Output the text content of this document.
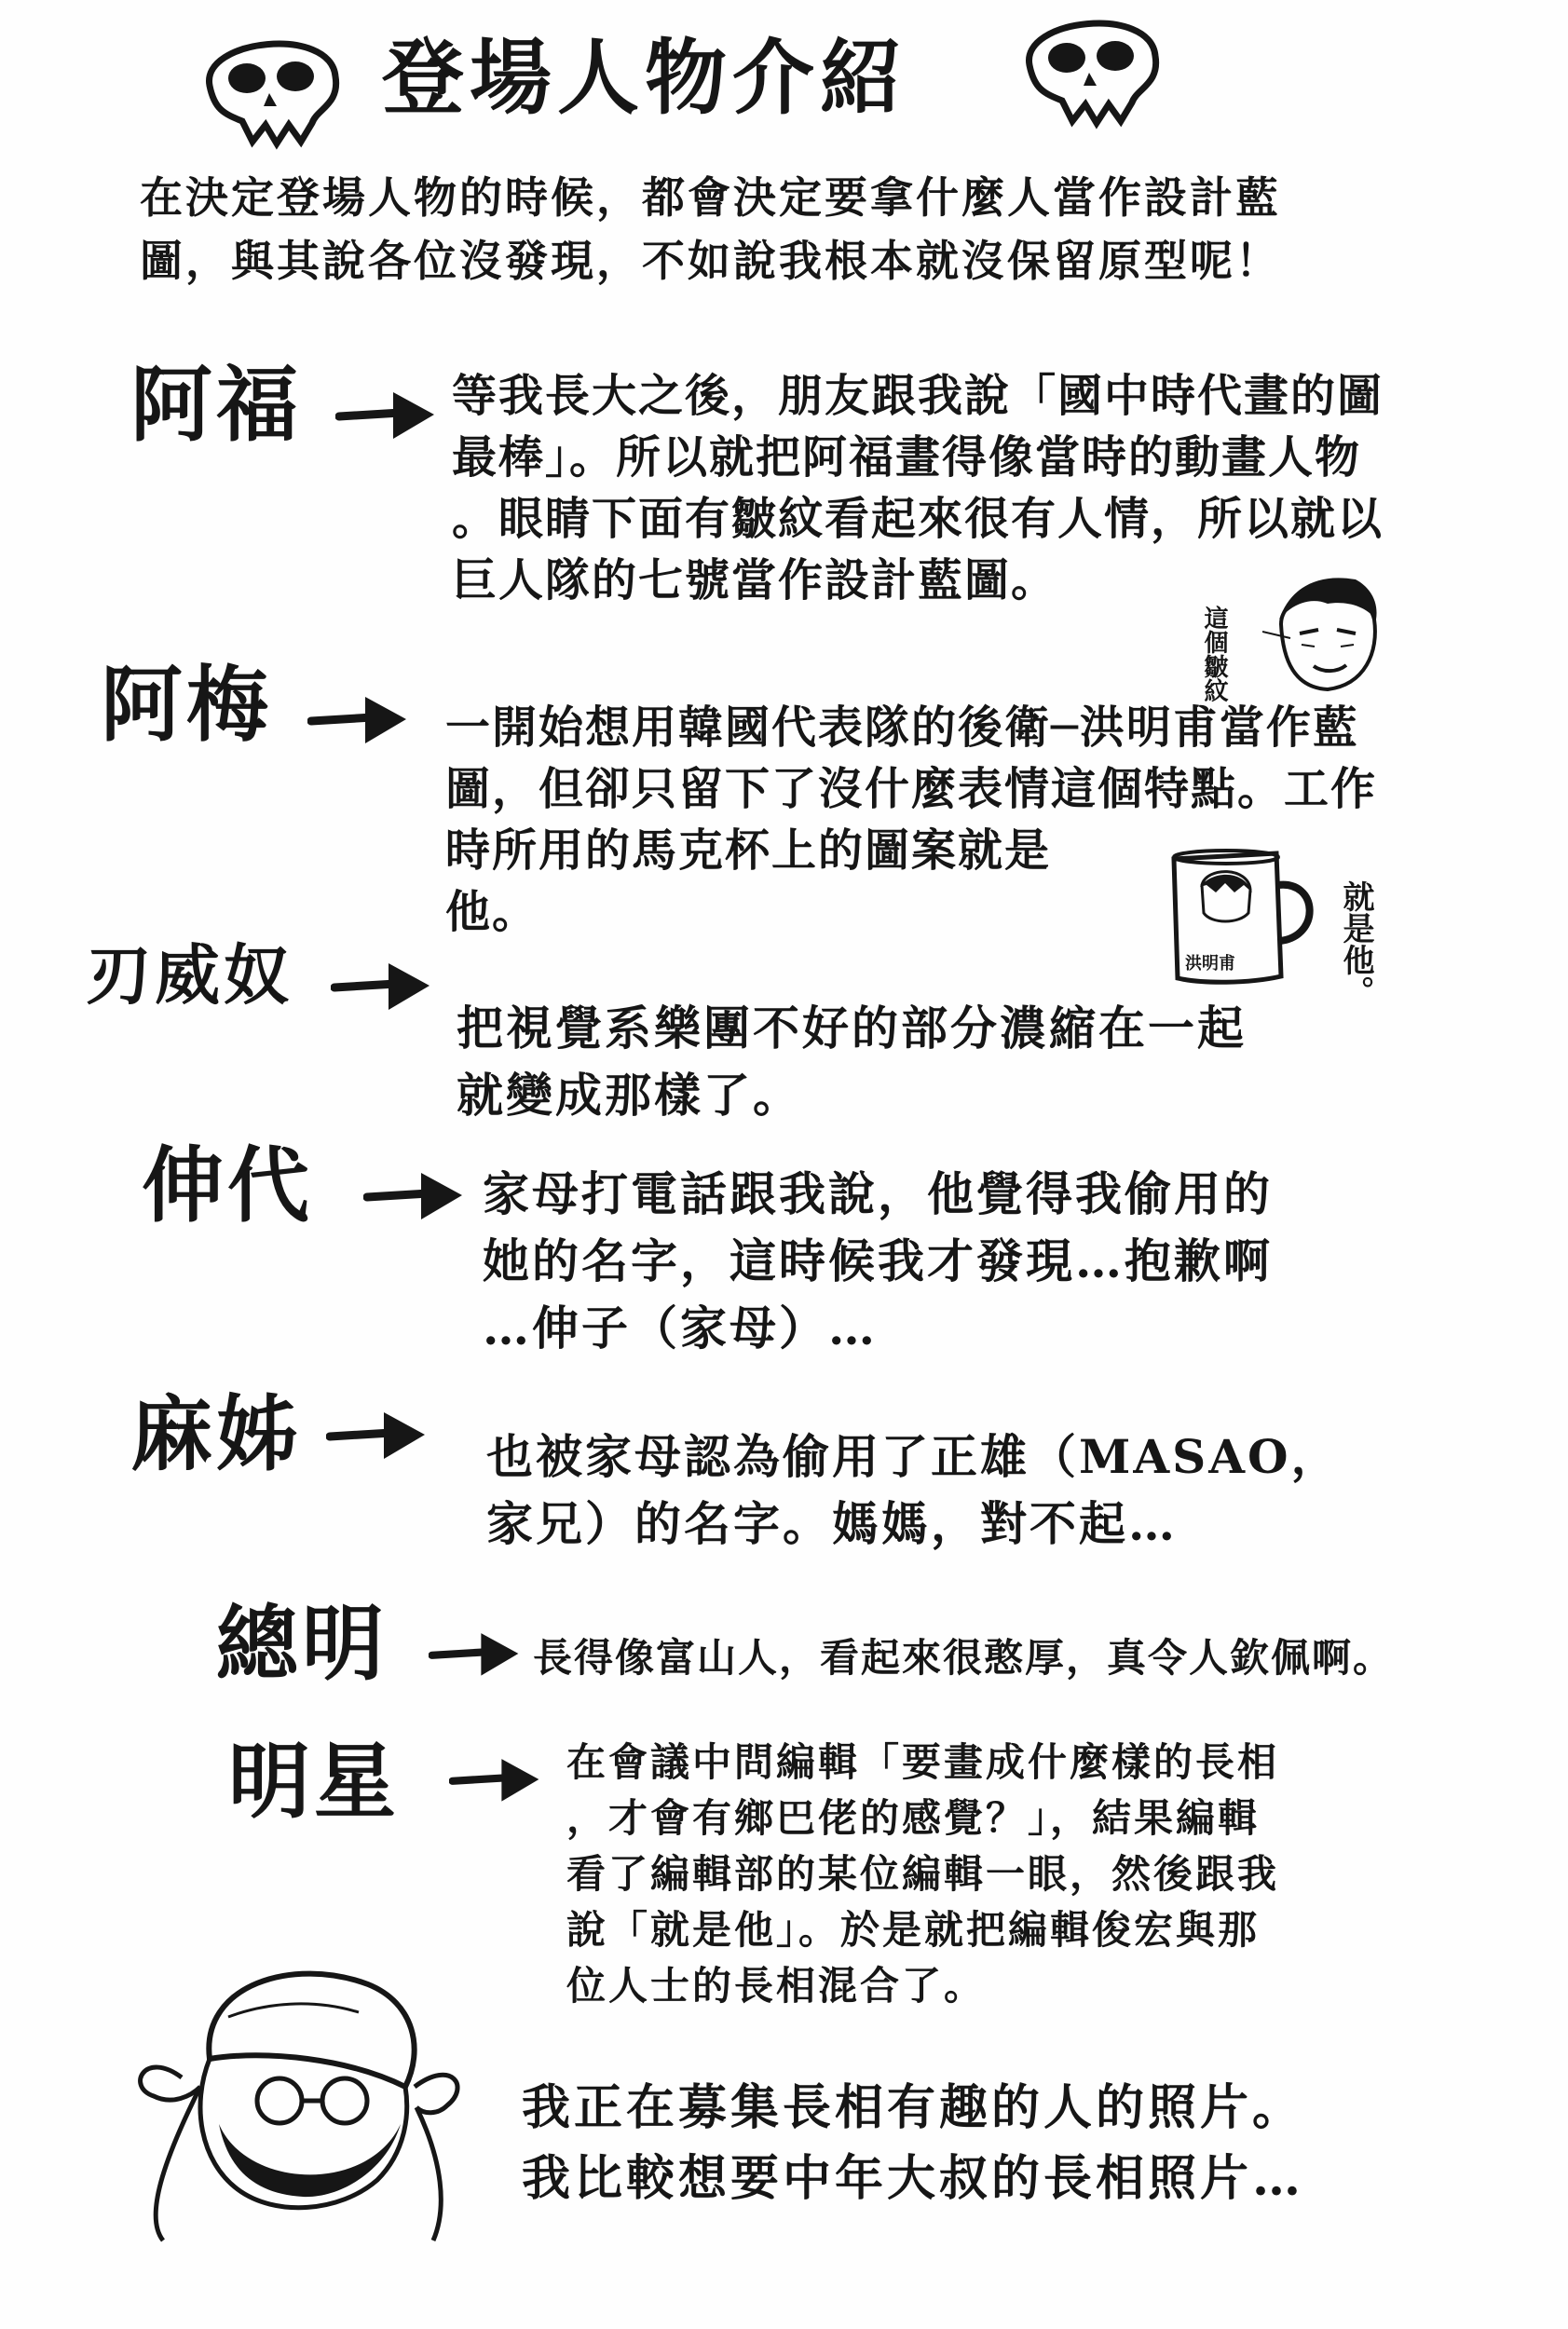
登場人物介紹

在決定登場人物的時候，都會決定要拿什麼人當作設計藍

圖，與其說各位沒發現，不如說我根本就沒保留原型呢！

阿福	等我長大之後，朋友跟我說「國中時代畫的圖

最棒」。所以就把阿福畫得像當時的動畫人物

。眼睛下面有皺紋看起來很有人情，所以就以

巨人隊的七號當作設計藍圖。

這
個
皺
紋
阿梅	一開始想用韓國代表隊的後衛─洪明甫當作藍

圖，但卻只留下了沒什麼表情這個特點。工作

時所用的馬克杯上的圖案就是

他。

洪明甫
就
是
他
。
刃威奴

把視覺系樂團不好的部分濃縮在一起

就變成那樣了。

伸代	家母打電話跟我說，他覺得我偷用的

她的名字，這時候我才發現…抱歉啊

…伸子（家母）…

麻姊	也被家母認為偷用了正雄（MASAO，

家兄）的名字。媽媽，對不起…

總明	長得像富山人，看起來很憨厚，真令人欽佩啊。

明星	在會議中問編輯「要畫成什麼樣的長相

，才會有鄉巴佬的感覺？」，結果編輯

看了編輯部的某位編輯一眼，然後跟我

說「就是他」。於是就把編輯俊宏與那

位人士的長相混合了。

我正在募集長相有趣的人的照片。

我比較想要中年大叔的長相照片…
